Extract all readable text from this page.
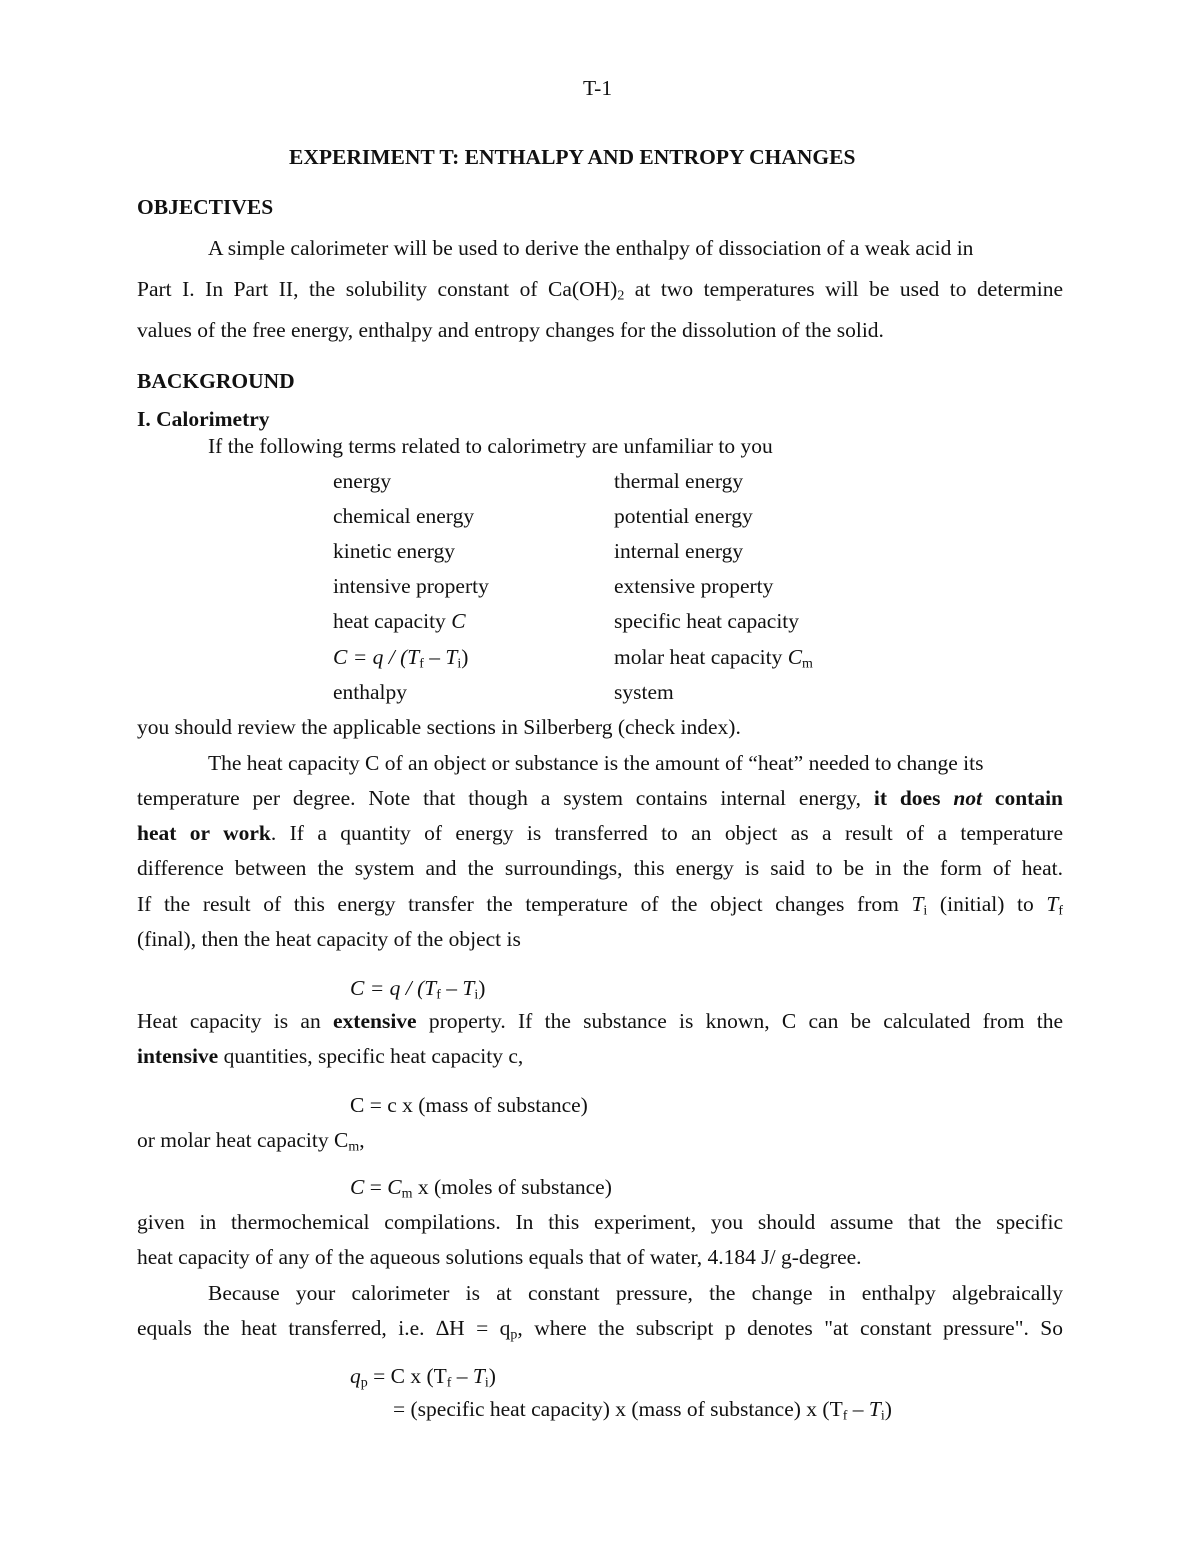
T-1
EXPERIMENT T: ENTHALPY AND ENTROPY CHANGES
OBJECTIVES
A simple calorimeter will be used to derive the enthalpy of dissociation of a weak acid in
Part I. In Part II, the solubility constant of $Ca(OH)_2$ at two temperatures will be used to determine
values of the free energy, enthalpy and entropy changes for the dissolution of the solid.
BACKGROUND
I. Calorimetry
If the following terms related to calorimetry are unfamiliar to you
energy
chemical energy
kinetic energy
intensive property
heat capacity C
$C = q / (T_f - T_i)$
enthalpy
thermal energy
potential energy
internal energy
extensive property
specific heat capacity
molar heat capacity $C_m$
system
you should review the applicable sections in Silberberg (check index).
The heat capacity C of an object or substance is the amount of “heat” needed to change its
temperature per degree. Note that though a system contains internal energy, it does not contain
heat or work. If a quantity of energy is transferred to an object as a result of a temperature
difference between the system and the surroundings, this energy is said to be in the form of heat.
If the result of this energy transfer the temperature of the object changes from $T_i$ (initial) to $T_f$
(final), then the heat capacity of the object is
$C = q / (T_f - T_i)$
Heat capacity is an extensive property. If the substance is known, C can be calculated from the
intensive quantities, specific heat capacity c,
C = c x (mass of substance)
or molar heat capacity $C_m$,
$C = C_m$ x (moles of substance)
given in thermochemical compilations. In this experiment, you should assume that the specific
heat capacity of any of the aqueous solutions equals that of water, 4.184 J/ g-degree.
Because your calorimeter is at constant pressure, the change in enthalpy algebraically
equals the heat transferred, i.e. $\Delta H = q_p$, where the subscript p denotes "at constant pressure". So
$q_p = C$ x $(T_f - T_i)$
= (specific heat capacity) x (mass of substance) x $(T_f - T_i)$
